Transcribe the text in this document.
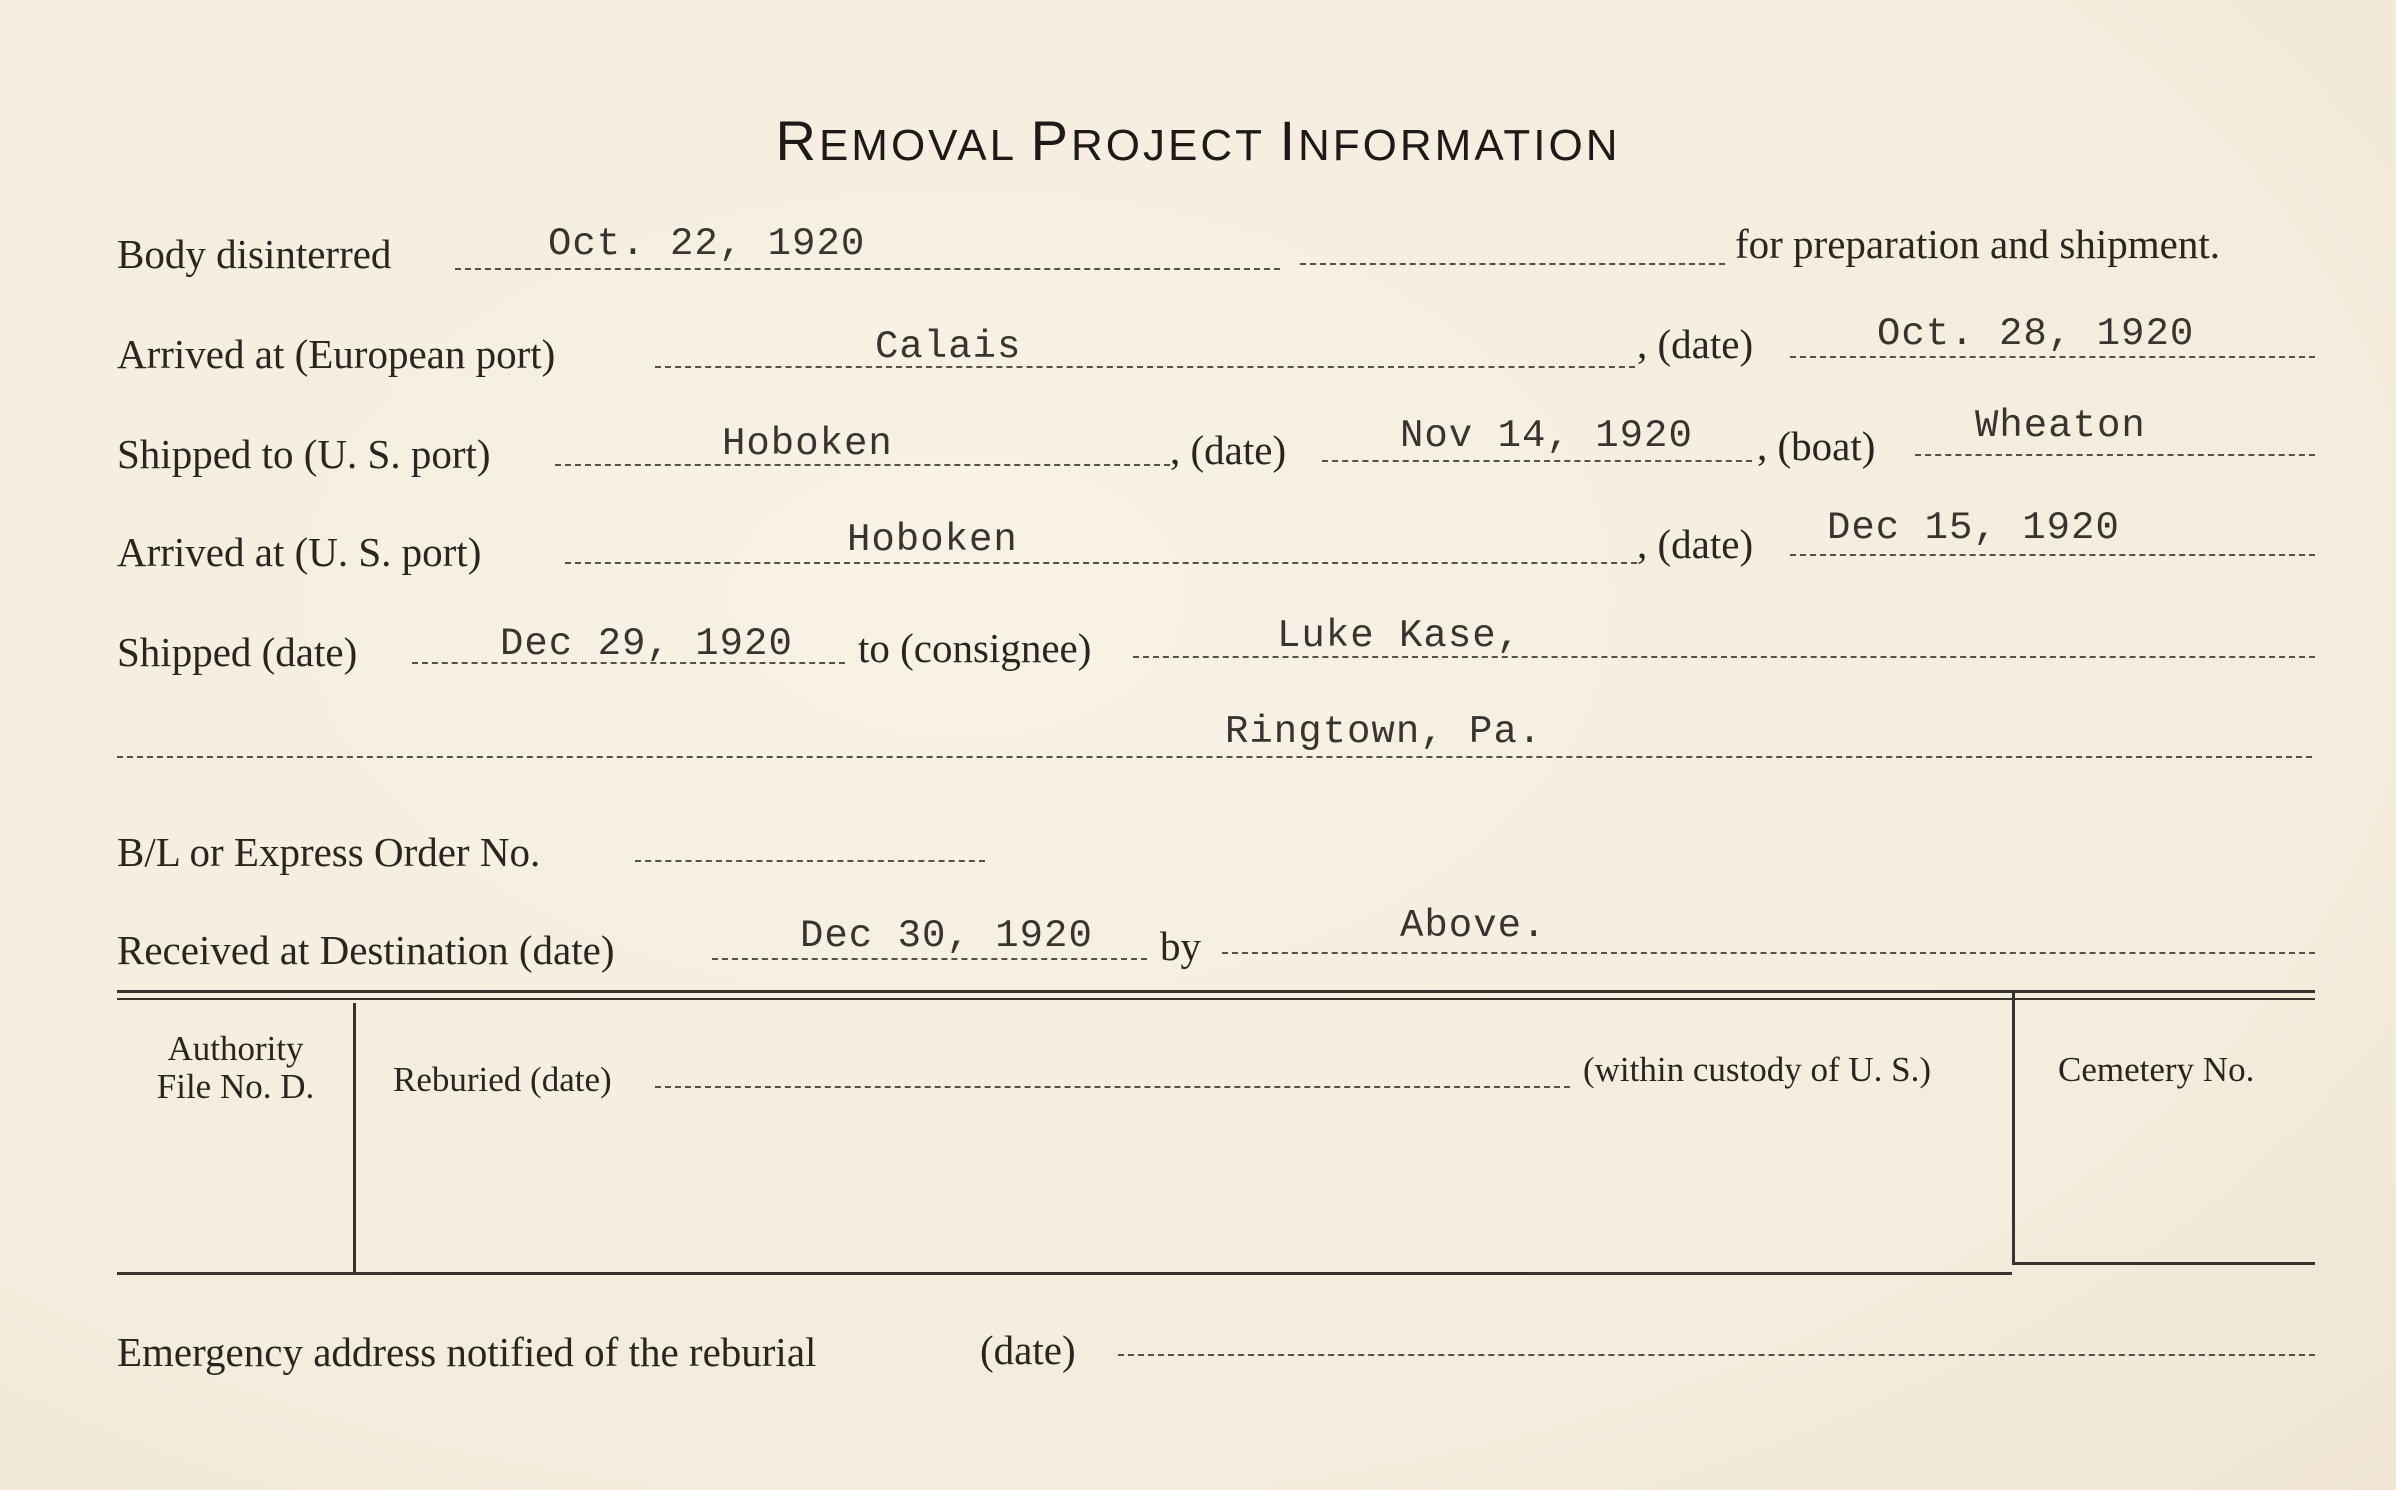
REMOVAL PROJECT INFORMATION
Body disinterred	Oct. 22, 1920	for preparation and shipment.
Arrived at (European port)	Calais	, (date)	Oct. 28, 1920
Shipped to (U. S. port)	Hoboken	, (date)	Nov 14, 1920 , (boat)	Wheaton
Arrived at (U. S. port)	Hoboken	, (date) Dec 15, 1920
Shipped (date)	Dec 29, 1920 to (consignee)	Luke Kase,
Ringtown, Pa.
B/L or Express Order No.
Received at Destination (date)	Dec 30, 1920 by	Above.
Authority
File No. D.	Reburied (date)	(within custody of U. S.)	Cemetery No.
Emergency address notified of the reburial	(date)
